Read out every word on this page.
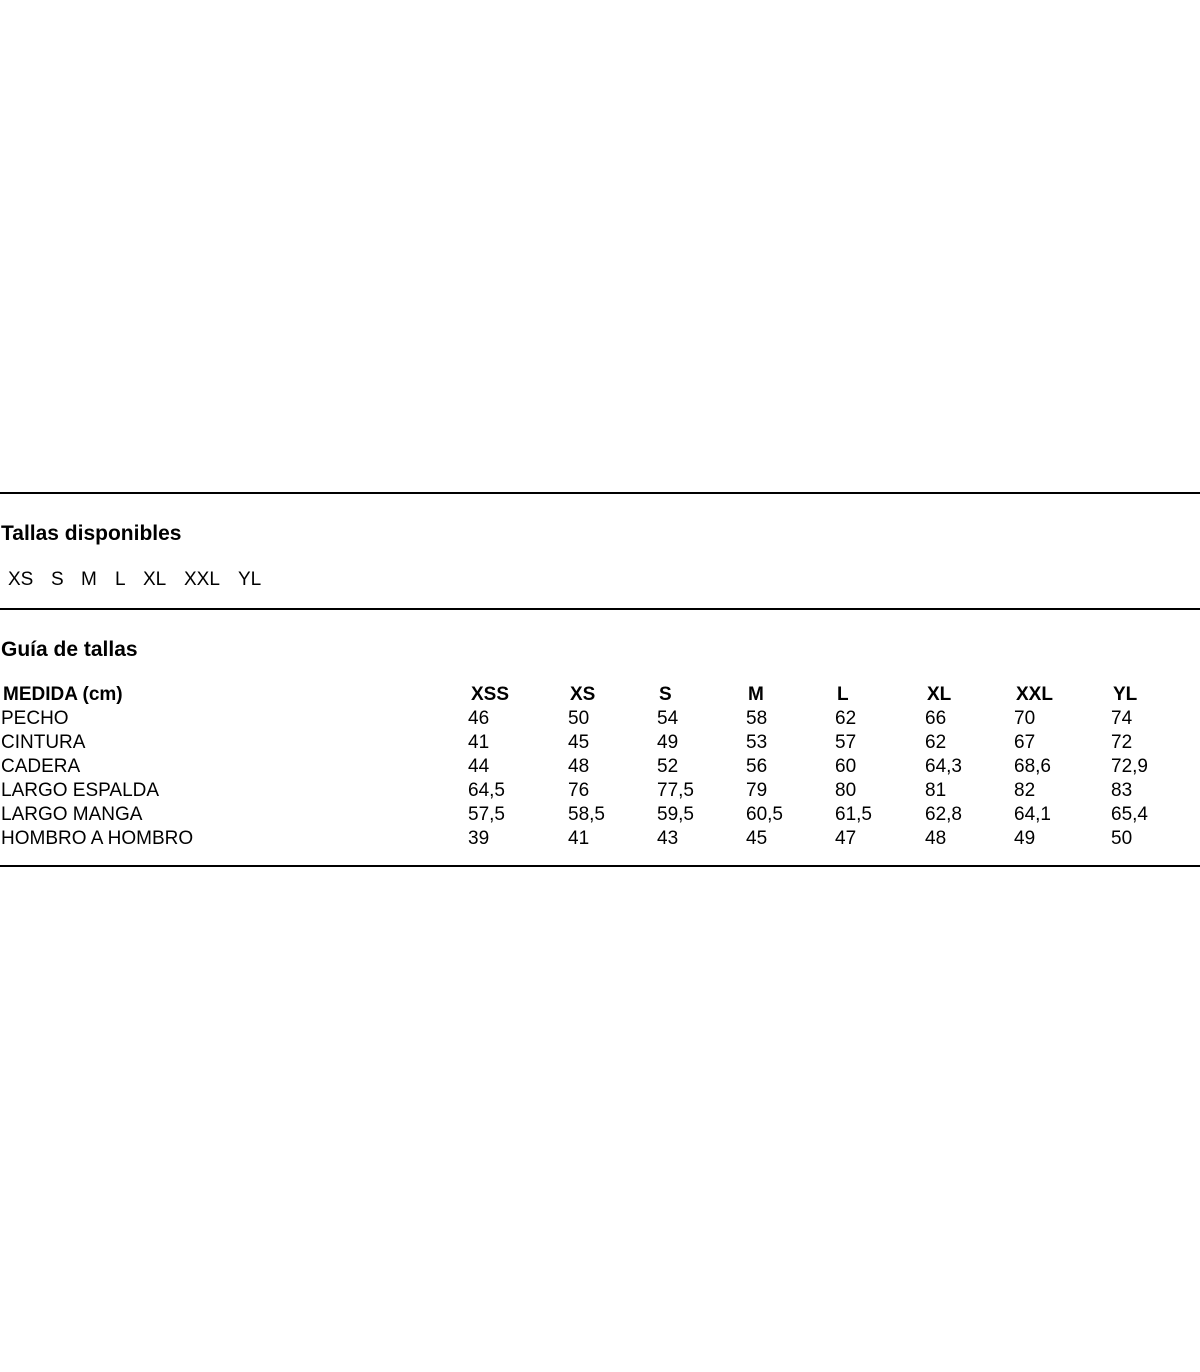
Tallas disponibles
XS S M L XL XXL YL
Guía de tallas
MEDIDA (cm)	XSS	XS	S	M	L	XL	XXL	YL
PECHO	46	50	54	58	62	66	70	74
CINTURA	41	45	49	53	57	62	67	72
CADERA	44	48	52	56	60	64,3	68,6	72,9
LARGO ESPALDA	64,5	76	77,5	79	80	81	82	83
LARGO MANGA	57,5	58,5	59,5	60,5	61,5	62,8	64,1	65,4
HOMBRO A HOMBRO	39	41	43	45	47	48	49	50
